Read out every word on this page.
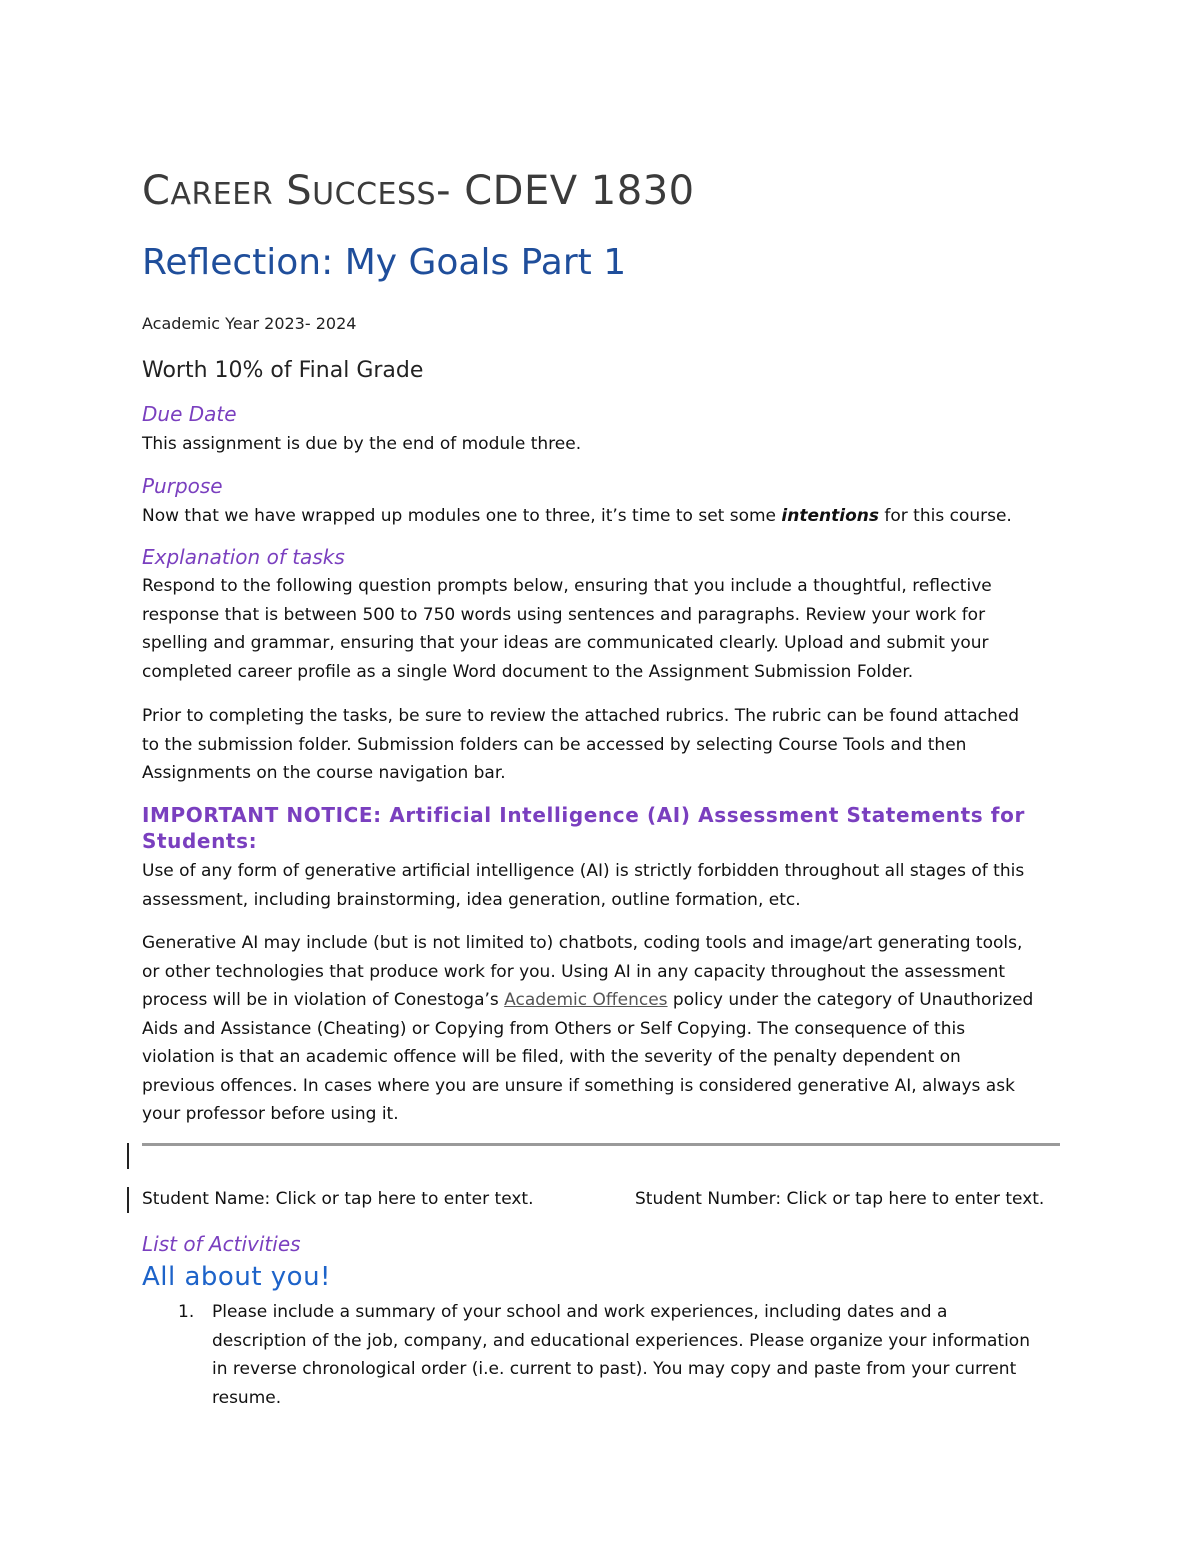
CAREER SUCCESS- CDEV 1830
Reflection: My Goals Part 1
Academic Year 2023- 2024
Worth 10% of Final Grade
Due Date
This assignment is due by the end of module three.
Purpose
Now that we have wrapped up modules one to three, it’s time to set some intentions for this course.
Explanation of tasks
Respond to the following question prompts below, ensuring that you include a thoughtful, reflective
response that is between 500 to 750 words using sentences and paragraphs. Review your work for
spelling and grammar, ensuring that your ideas are communicated clearly. Upload and submit your
completed career profile as a single Word document to the Assignment Submission Folder.
Prior to completing the tasks, be sure to review the attached rubrics. The rubric can be found attached
to the submission folder. Submission folders can be accessed by selecting Course Tools and then
Assignments on the course navigation bar.
IMPORTANT NOTICE: Artificial Intelligence (AI) Assessment Statements for
Students:
Use of any form of generative artificial intelligence (AI) is strictly forbidden throughout all stages of this
assessment, including brainstorming, idea generation, outline formation, etc.
Generative AI may include (but is not limited to) chatbots, coding tools and image/art generating tools,
or other technologies that produce work for you. Using AI in any capacity throughout the assessment
process will be in violation of Conestoga’s Academic Offences policy under the category of Unauthorized
Aids and Assistance (Cheating) or Copying from Others or Self Copying. The consequence of this
violation is that an academic offence will be filed, with the severity of the penalty dependent on
previous offences. In cases where you are unsure if something is considered generative AI, always ask
your professor before using it.
Student Name: Click or tap here to enter text.	Student Number: Click or tap here to enter text.
List of Activities
All about you!
1. Please include a summary of your school and work experiences, including dates and a
description of the job, company, and educational experiences. Please organize your information
in reverse chronological order (i.e. current to past). You may copy and paste from your current
resume.
